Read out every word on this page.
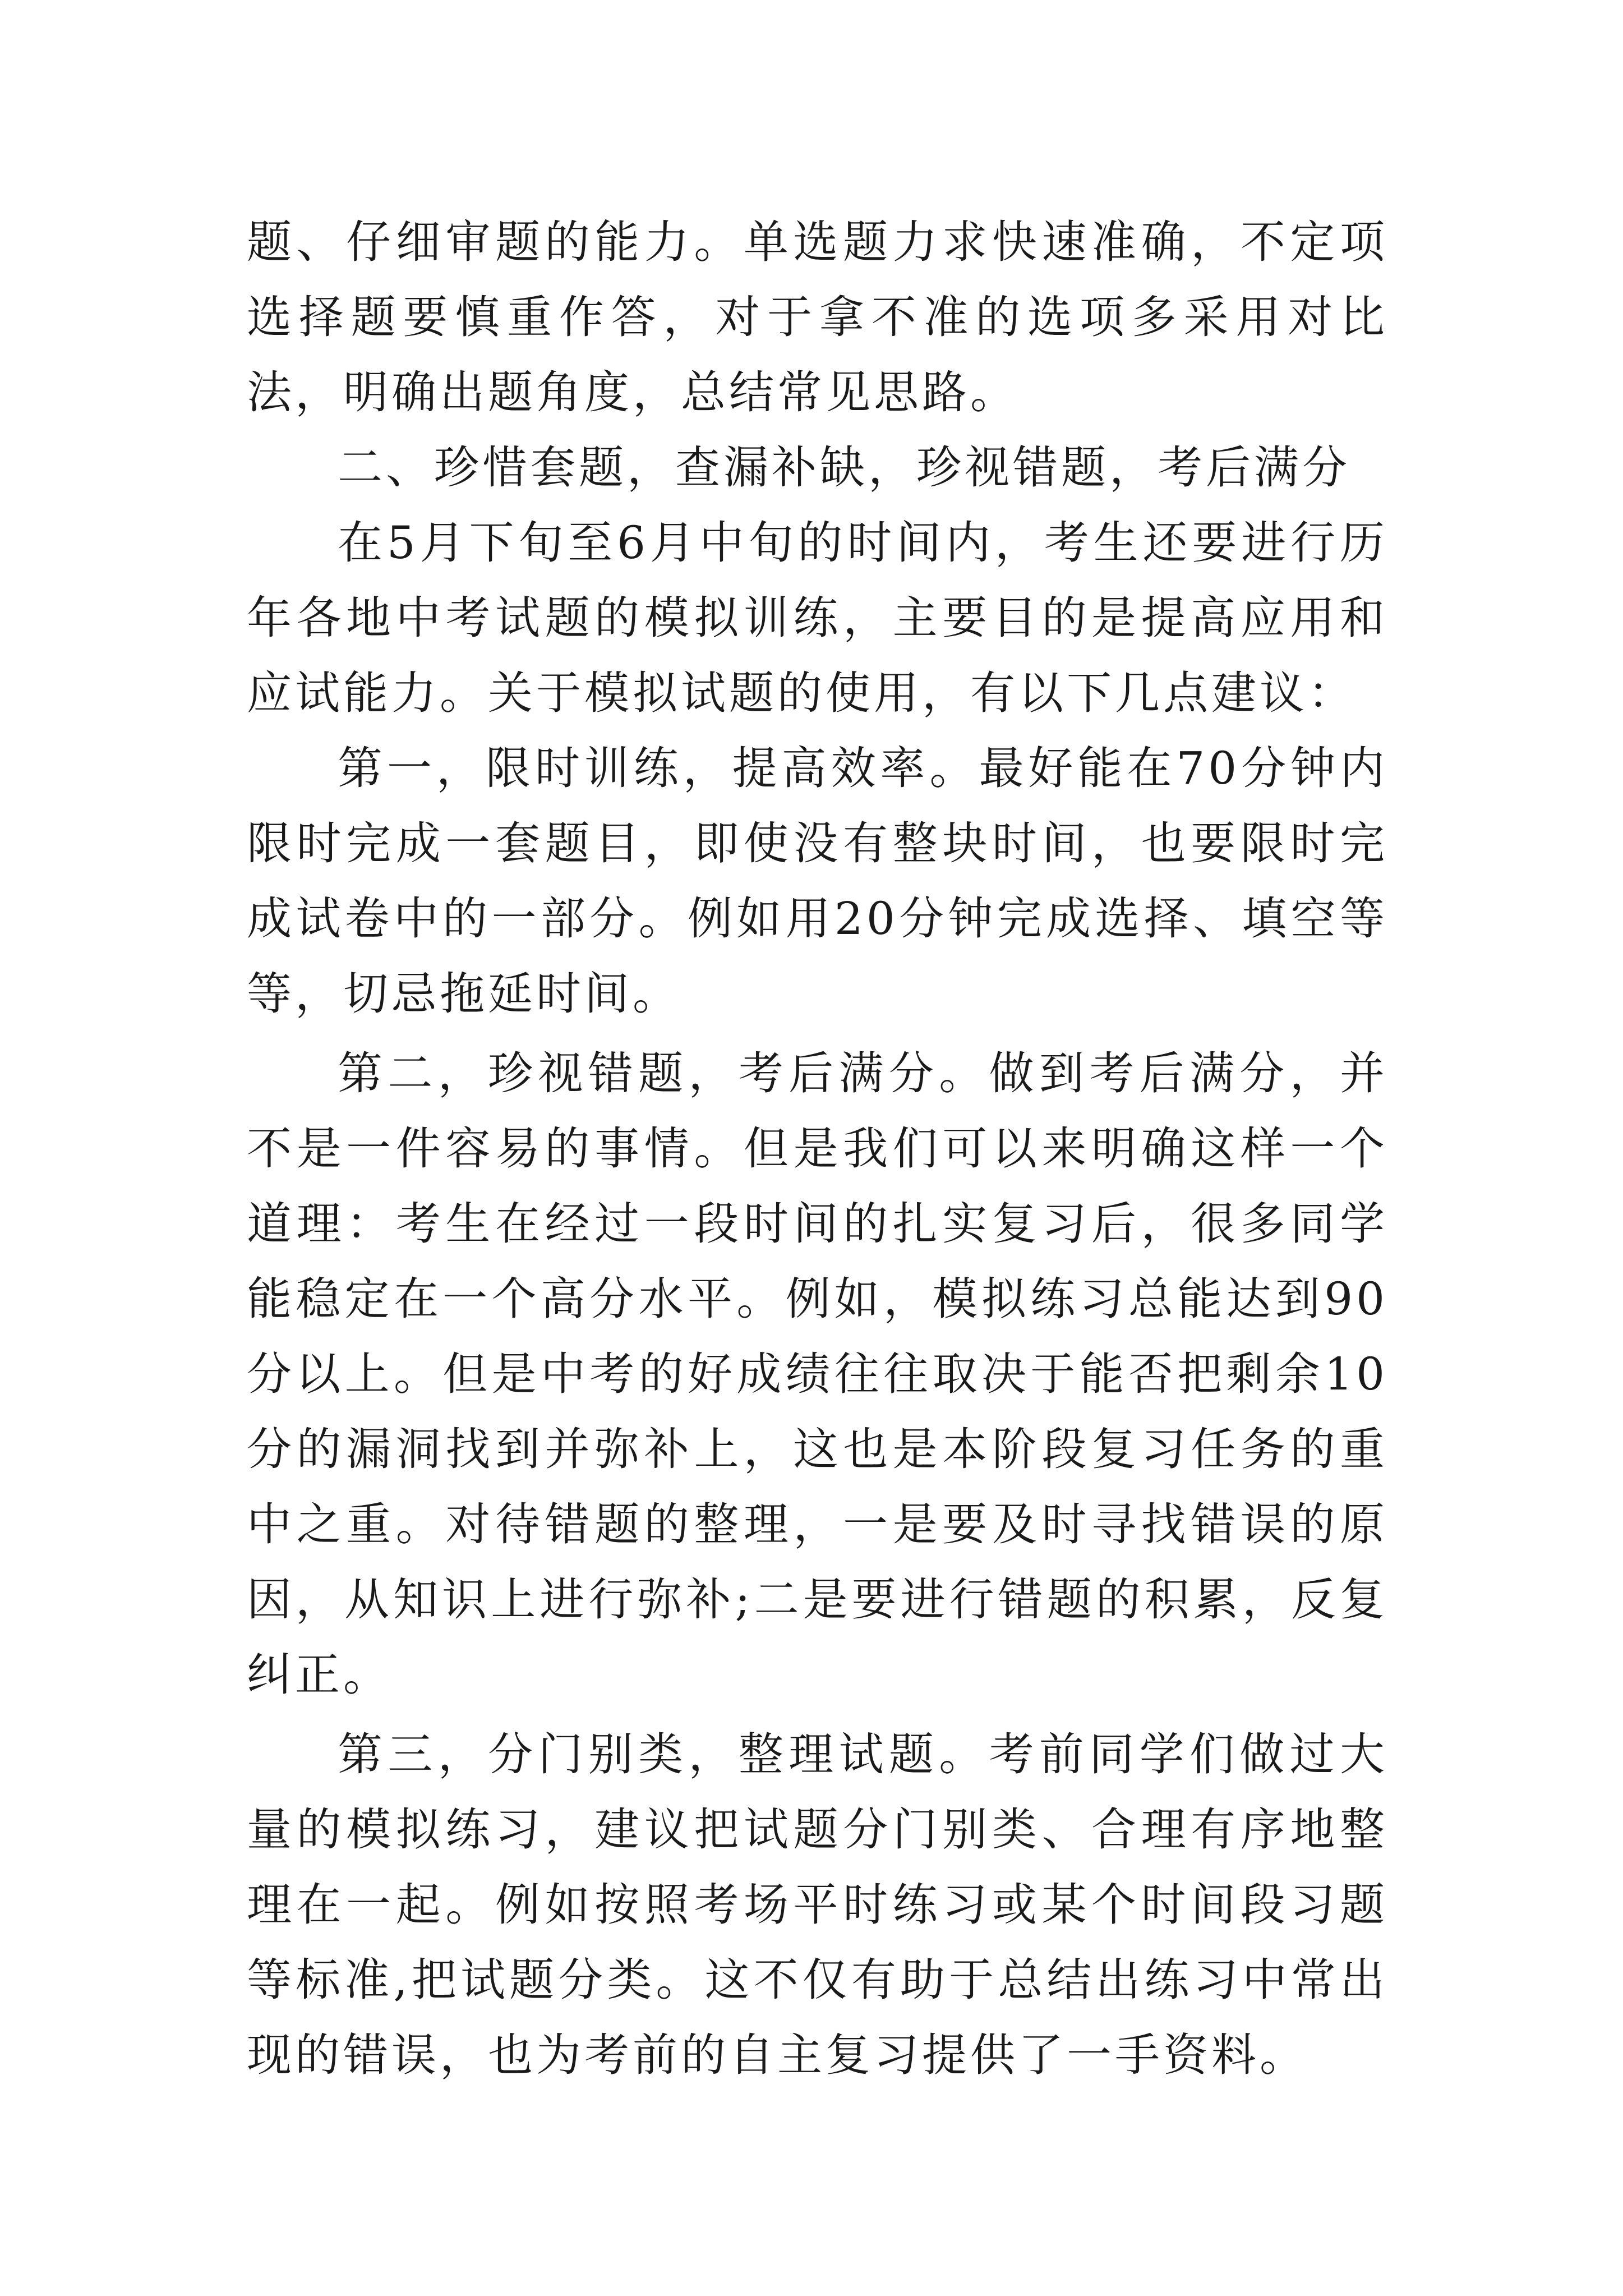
题、仔细审题的能力。单选题力求快速准确，不定项选择题要慎重作答，对于拿不准的选项多采用对比法，明确出题角度，总结常见思路。

二、珍惜套题，查漏补缺，珍视错题，考后满分

在5月下旬至6月中旬的时间内，考生还要进行历年各地中考试题的模拟训练，主要目的是提高应用和应试能力。关于模拟试题的使用，有以下几点建议：

第一，限时训练，提高效率。最好能在70分钟内限时完成一套题目，即使没有整块时间，也要限时完成试卷中的一部分。例如用20分钟完成选择、填空等等，切忌拖延时间。

第二，珍视错题，考后满分。做到考后满分，并不是一件容易的事情。但是我们可以来明确这样一个道理：考生在经过一段时间的扎实复习后，很多同学能稳定在一个高分水平。例如，模拟练习总能达到90分以上。但是中考的好成绩往往取决于能否把剩余10分的漏洞找到并弥补上，这也是本阶段复习任务的重中之重。对待错题的整理，一是要及时寻找错误的原因，从知识上进行弥补;二是要进行错题的积累，反复纠正。

第三，分门别类，整理试题。考前同学们做过大量的模拟练习，建议把试题分门别类、合理有序地整理在一起。例如按照考场平时练习或某个时间段习题等标准,把试题分类。这不仅有助于总结出练习中常出现的错误，也为考前的自主复习提供了一手资料。
